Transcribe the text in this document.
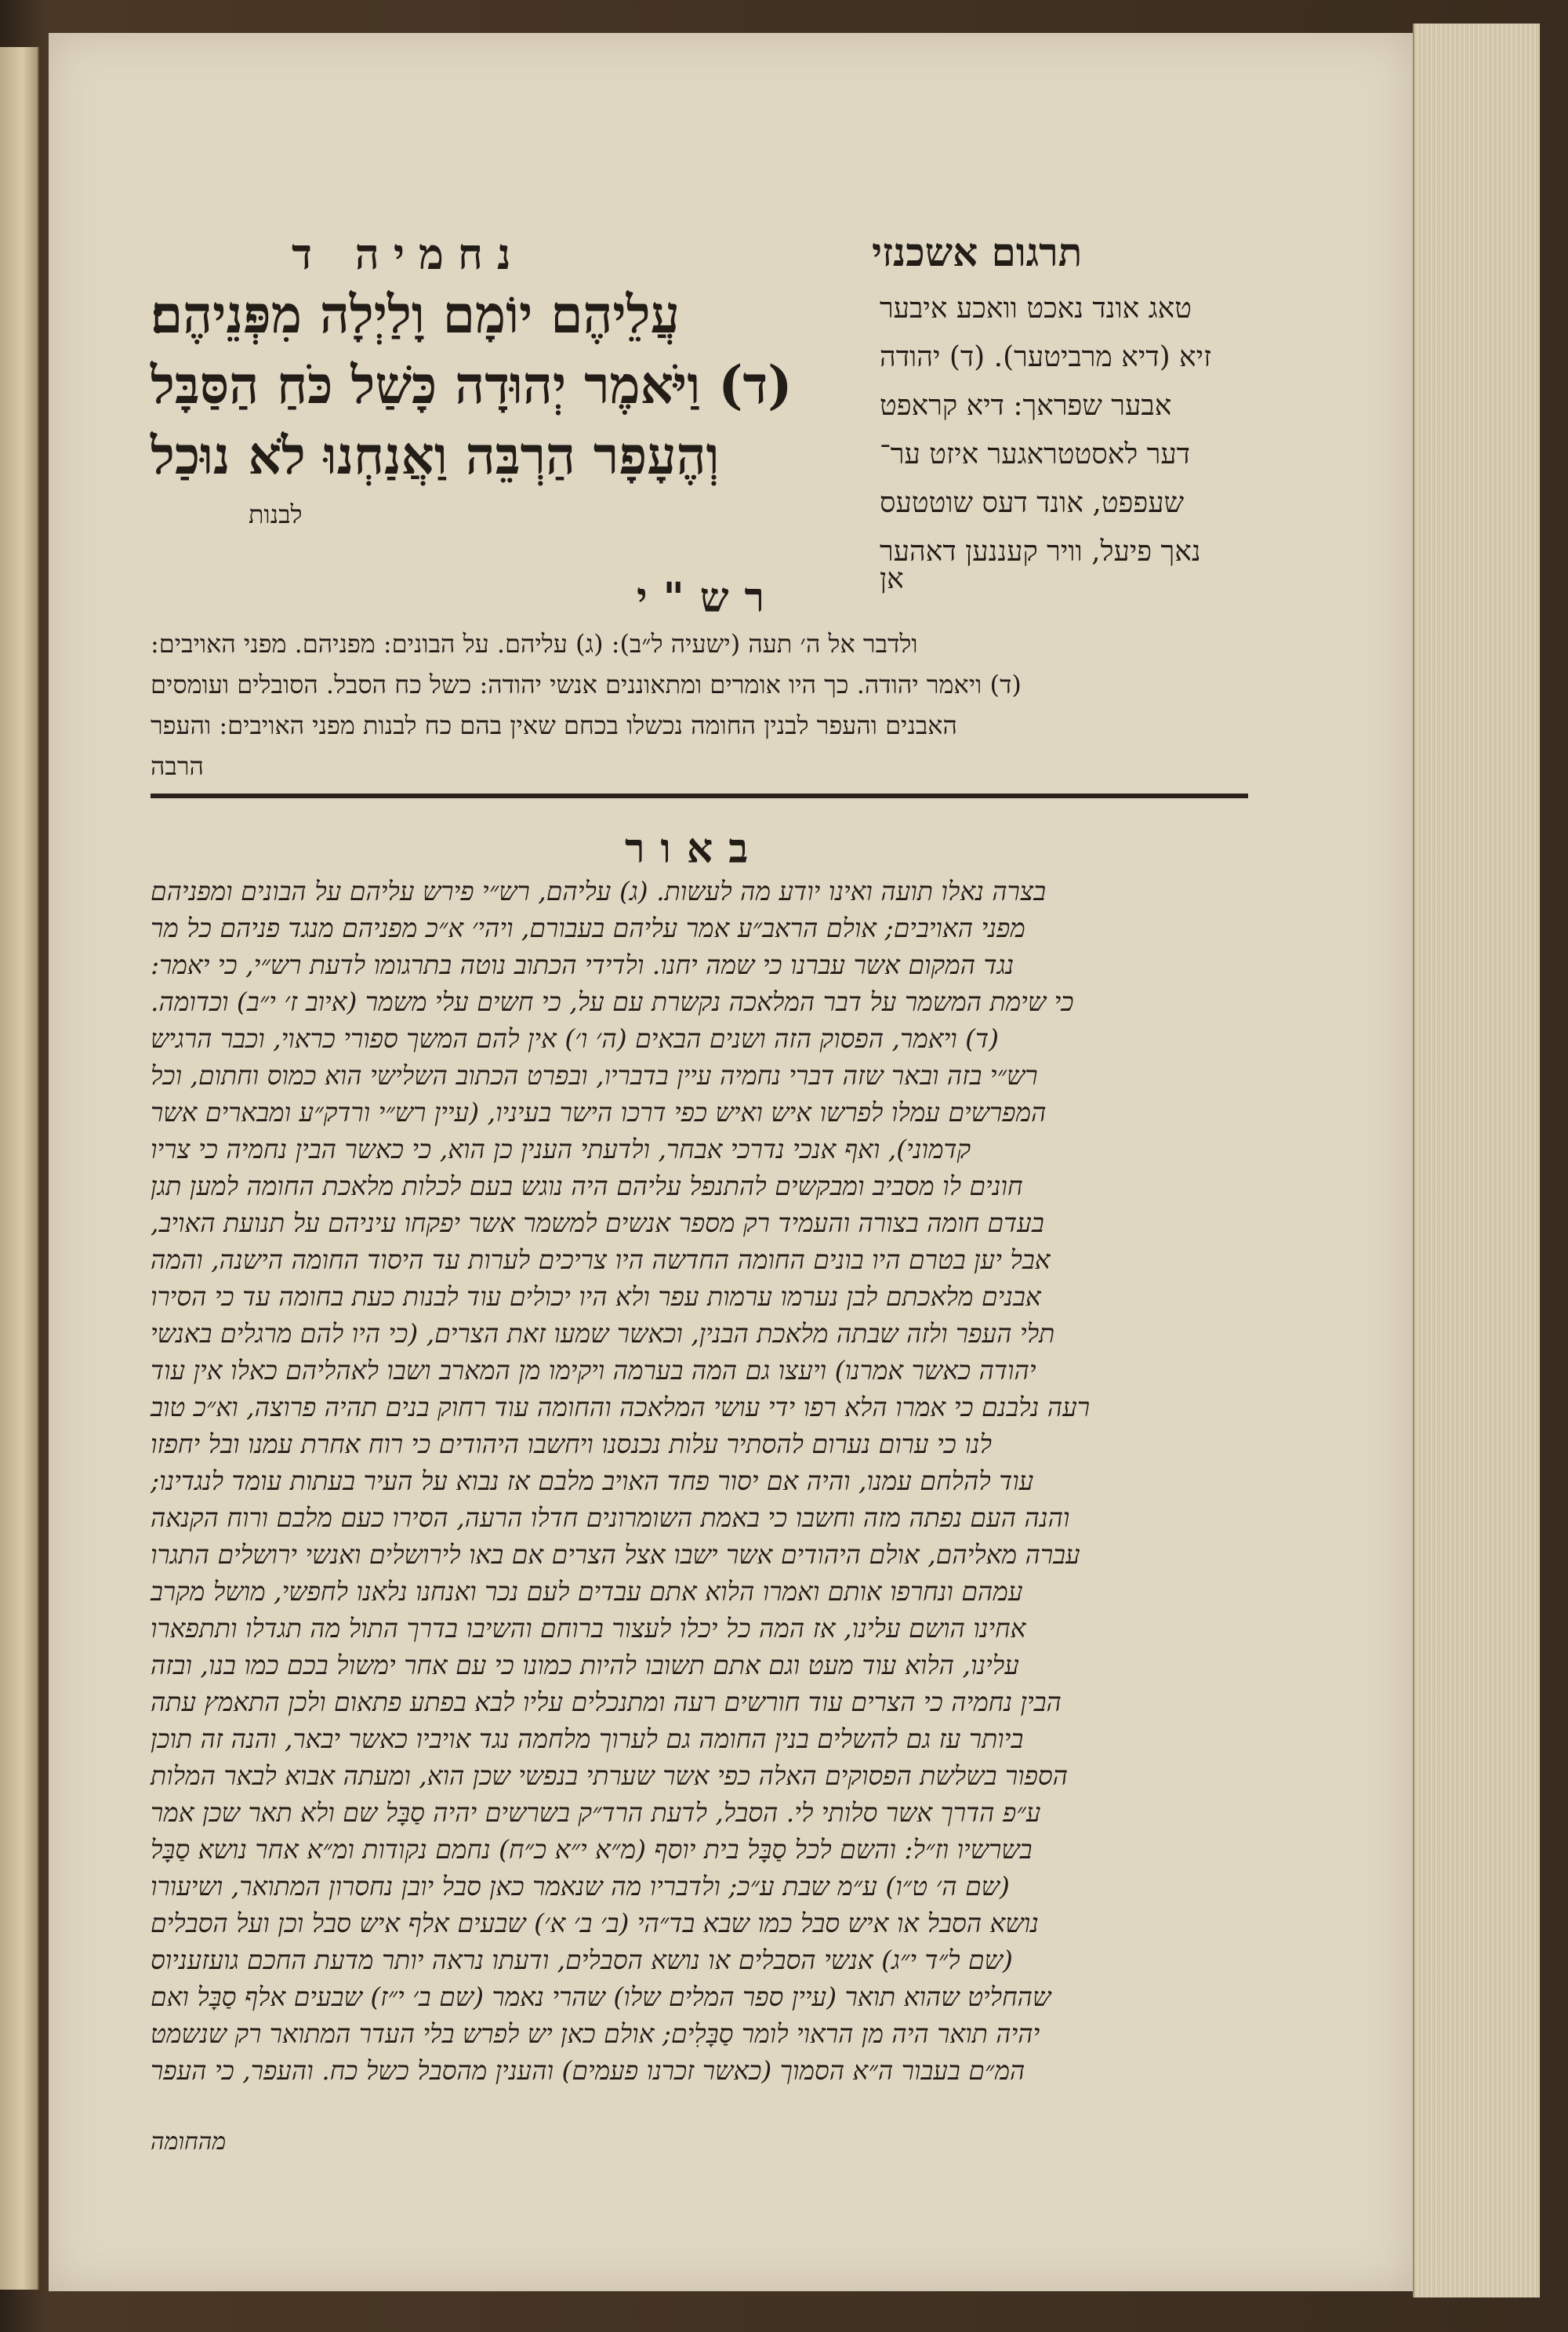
תרגום אשכנזי
נחמיה ד
עֲלֵיהֶם יוֹמָם וָלַיְלָה מִפְּנֵיהֶם׃
(ד) וַיֹּאמֶר יְהוּדָה כָּשַׁל כֹּחַ הַסַּבָּל
וְהֶעָפָר הַרְבֵּה וַאֲנַחְנוּ לֹא נוּכַל
לבנות
טאג אונד נאכט וואכע איבער
זיא (דיא מרביטער). (ד) יהודה
אבער שפראך: דיא קראפט
דער לאסטטראגער איזט ער־
שעפפט, אונד דעס שוטטעס
נאך פיעל, וויר קעננען דאהער
אן
רש"י
ולדבר אל ה׳ תעה (ישעיה ל״ב): (ג) עליהם. על הבונים: מפניהם. מפני האויבים:
(ד) ויאמר יהודה. כך היו אומרים ומתאוננים אנשי יהודה: כשל כח הסבל. הסובלים ועומסים
האבנים והעפר לבנין החומה נכשלו בכחם שאין בהם כח לבנות מפני האויבים: והעפר
הרבה
באור
בצרה נאלו תועה ואינו יודע מה לעשות. (ג) עליהם, רש״י פירש עליהם על הבונים ומפניהם
מפני האויבים; אולם הראב״ע אמר עליהם בעבורם, ויהי׳ א״כ מפניהם מנגד פניהם כל מר
נגד המקום אשר עברנו כי שמה יחנו. ולדידי הכתוב נוטה בתרגומו לדעת רש״י, כי יאמר:
כי שימת המשמר על דבר המלאכה נקשרת עם על, כי חשים עלי משמר (איוב ז׳ י״ב) וכדומה.
(ד) ויאמר, הפסוק הזה ושנים הבאים (ה׳ ו׳) אין להם המשך ספורי כראוי, וכבר הרגיש
רש״י בזה ובאר שזה דברי נחמיה עיין בדבריו, ובפרט הכתוב השלישי הוא כמוס וחתום, וכל
המפרשים עמלו לפרשו איש ואיש כפי דרכו הישר בעיניו, (עיין רש״י ורדק״ע ומבארים אשר
קדמוני), ואף אנכי נדרכי אבחר, ולדעתי הענין כן הוא, כי כאשר הבין נחמיה כי צריו
חונים לו מסביב ומבקשים להתנפל עליהם היה נוגש בעם לכלות מלאכת החומה למען תגן
בעדם חומה בצורה והעמיד רק מספר אנשים למשמר אשר יפקחו עיניהם על תנועת האויב,
אבל יען בטרם היו בונים החומה החדשה היו צריכים לערות עד היסוד החומה הישנה, והמה
אבנים מלאכתם לבן נערמו ערמות עפר ולא היו יכולים עוד לבנות כעת בחומה עד כי הסירו
תלי העפר ולזה שבתה מלאכת הבנין, וכאשר שמעו זאת הצרים, (כי היו להם מרגלים באנשי
יהודה כאשר אמרנו) ויעצו גם המה בערמה ויקימו מן המארב ושבו לאהליהם כאלו אין עוד
רעה נלבנם כי אמרו הלא רפו ידי עושי המלאכה והחומה עוד רחוק בנים תהיה פרוצה, וא״כ טוב
לנו כי ערום נערום להסתיר עלות נכנסנו ויחשבו היהודים כי רוח אחרת עמנו ובל יחפזו
עוד להלחם עמנו, והיה אם יסור פחד האויב מלבם אז נבוא על העיר בעתות עומד לנגדינו;
והנה העם נפתה מזה וחשבו כי באמת השומרונים חדלו הרעה, הסירו כעם מלבם ורוח הקנאה
עברה מאליהם, אולם היהודים אשר ישבו אצל הצרים אם באו לירושלים ואנשי ירושלים התגרו
עמהם ונחרפו אותם ואמרו הלוא אתם עבדים לעם נכר ואנחנו נלאנו לחפשי, מושל מקרב
אחינו הושם עלינו, אז המה כל יכלו לעצור ברוחם והשיבו בדרך התול מה תגדלו ותתפארו
עלינו, הלוא עוד מעט וגם אתם תשובו להיות כמונו כי עם אחר ימשול בכם כמו בנו, ובזה
הבין נחמיה כי הצרים עוד חורשים רעה ומתנכלים עליו לבא בפתע פתאום ולכן התאמץ עתה
ביותר עז גם להשלים בנין החומה גם לערוך מלחמה נגד אויביו כאשר יבאר, והנה זה תוכן
הספור בשלשת הפסוקים האלה כפי אשר שערתי בנפשי שכן הוא, ומעתה אבוא לבאר המלות
ע״פ הדרך אשר סלותי לי. הסבל, לדעת הרד״ק בשרשים יהיה סַבָּל שם ולא תאר שכן אמר
בשרשיו וז״ל: והשם לכל סַבָּל בית יוסף (מ״א י״א כ״ח) נחמם נקודות ומ״א אחר נושא סַבָּל
(שם ה׳ ט״ו) ע״מ שבת ע״כ; ולדבריו מה שנאמר כאן סבל יובן נחסרון המתואר, ושיעורו
נושא הסבל או איש סבל כמו שבא בד״הי (ב׳ ב׳ א׳) שבעים אלף איש סבל וכן ועל הסבלים
(שם ל״ד י״ג) אנשי הסבלים או נושא הסבלים, ודעתו נראה יותר מדעת החכם גועזעניוס
שהחליט שהוא תואר (עיין ספר המלים שלו) שהרי נאמר (שם ב׳ י״ז) שבעים אלף סַבָּל ואם
יהיה תואר היה מן הראוי לומר סַבָּלִים; אולם כאן יש לפרש בלי העדר המתואר רק שנשמט
המ״ם בעבור ה״א הסמוך (כאשר זכרנו פעמים) והענין מהסבל כשל כח. והעפר, כי העפר
מהחומה
